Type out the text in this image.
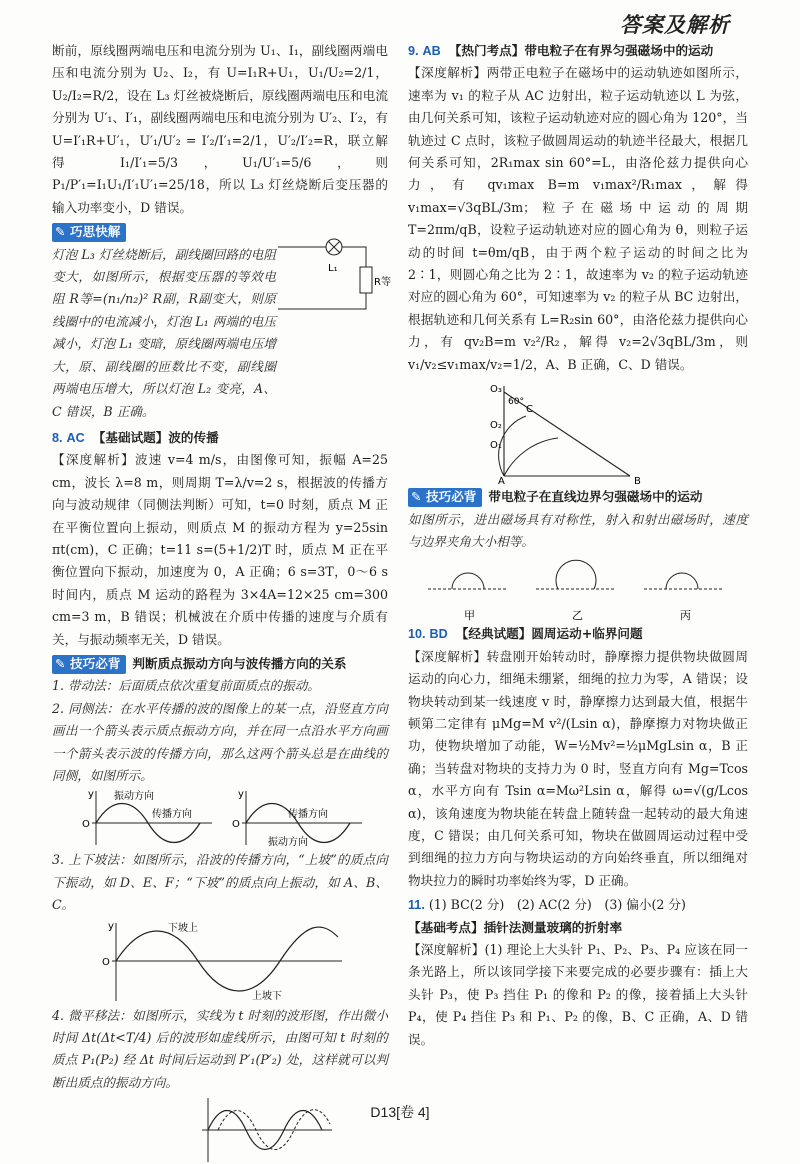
答案及解析

断前，原线圈两端电压和电流分别为 U₁、I₁，副线圈两端电压和电流分别为 U₂、I₂，有 U=I₁R+U₁，U₁/U₂=2/1，U₂/I₂=R/2，设在 L₃ 灯丝被烧断后，原线圈两端电压和电流分别为 U′₁、I′₁，副线圈两端电压和电流分别为 U′₂、I′₂，有 U=I′₁R+U′₁，U′₁/U′₂ = I′₂/I′₁=2/1，U′₂/I′₂=R，联立解得 I₁/I′₁=5/3，U₁/U′₁=5/6，则 P₁/P′₁=I₁U₁/I′₁U′₁=25/18，所以 L₃ 灯丝烧断后变压器的输入功率变小，D 错误。

✎ 巧思快解
L₁
R等

灯泡 L₃ 灯丝烧断后，副线圈回路的电阻变大，如图所示，根据变压器的等效电阻 R等=(n₁/n₂)² R副，R副变大，则原线圈中的电流减小，灯泡 L₁ 两端的电压减小，灯泡 L₁ 变暗，原线圈两端电压增大，原、副线圈的匝数比不变，副线圈两端电压增大，所以灯泡 L₂ 变亮，A、C 错误，B 正确。

8. AC 【基础试题】波的传播

【深度解析】波速 v=4 m/s，由图像可知，振幅 A=25 cm，波长 λ=8 m，则周期 T=λ/v=2 s，根据波的传播方向与波动规律（同侧法判断）可知，t=0 时刻，质点 M 正在平衡位置向上振动，则质点 M 的振动方程为 y=25sin πt(cm)，C 正确；t=11 s=(5+1/2)T 时，质点 M 正在平衡位置向下振动，加速度为 0，A 正确；6 s=3T，0～6 s 时间内，质点 M 运动的路程为 3×4A=12×25 cm=300 cm=3 m，B 错误；机械波在介质中传播的速度与介质有关，与振动频率无关，D 错误。

✎ 技巧必背 判断质点振动方向与波传播方向的关系

1. 带动法：后面质点依次重复前面质点的振动。

2. 同侧法：在水平传播的波的图像上的某一点，沿竖直方向画出一个箭头表示质点振动方向，并在同一点沿水平方向画一个箭头表示波的传播方向，那么这两个箭头总是在曲线的同侧，如图所示。

O
y 振动方向
传播方向
O
y
传播方向
振动方向

3. 上下坡法：如图所示，沿波的传播方向，“上坡”的质点向下振动，如 D、E、F；“下坡”的质点向上振动，如 A、B、C。

O
y	下坡上
上坡下

4. 微平移法：如图所示，实线为 t 时刻的波形图，作出微小时间 Δt(Δt<T/4) 后的波形如虚线所示，由图可知 t 时刻的质点 P₁(P₂) 经 Δt 时间后运动到 P′₁(P′₂) 处，这样就可以判断出质点的振动方向。

9. AB 【热门考点】带电粒子在有界匀强磁场中的运动

【深度解析】两带正电粒子在磁场中的运动轨迹如图所示，速率为 v₁ 的粒子从 AC 边射出，粒子运动轨迹以 L 为弦，由几何关系可知，该粒子运动轨迹对应的圆心角为 120°，当轨迹过 C 点时，该粒子做圆周运动的轨迹半径最大，根据几何关系可知，2R₁max sin 60°=L，由洛伦兹力提供向心力，有 qv₁max B=m v₁max²/R₁max，解得 v₁max=√3qBL/3m；粒子在磁场中运动的周期 T=2πm/qB，设粒子运动轨迹对应的圆心角为 θ，则粒子运动的时间 t=θm/qB，由于两个粒子运动的时间之比为 2∶1，则圆心角之比为 2∶1，故速率为 v₂ 的粒子运动轨迹对应的圆心角为 60°，可知速率为 v₂ 的粒子从 BC 边射出，根据轨迹和几何关系有 L=R₂sin 60°，由洛伦兹力提供向心力，有 qv₂B=m v₂²/R₂，解得 v₂=2√3qBL/3m，则 v₁/v₂≤v₁max/v₂=1/2，A、B 正确，C、D 错误。

O₃
60°
O₂
O₁
C
A	B

✎ 技巧必背 带电粒子在直线边界匀强磁场中的运动

如图所示，进出磁场具有对称性，射入和射出磁场时，速度与边界夹角大小相等。

甲	乙	丙

10. BD 【经典试题】圆周运动+临界问题

【深度解析】转盘刚开始转动时，静摩擦力提供物块做圆周运动的向心力，细绳未绷紧，细绳的拉力为零，A 错误；设物块转动到某一线速度 v 时，静摩擦力达到最大值，根据牛顿第二定律有 μMg=M v²/(Lsin α)，静摩擦力对物块做正功，使物块增加了动能，W=½Mv²=½μMgLsin α，B 正确；当转盘对物块的支持力为 0 时，竖直方向有 Mg=Tcos α，水平方向有 Tsin α=Mω²Lsin α，解得 ω=√(g/Lcos α)，该角速度为物块能在转盘上随转盘一起转动的最大角速度，C 错误；由几何关系可知，物块在做圆周运动过程中受到细绳的拉力方向与物块运动的方向始终垂直，所以细绳对物块拉力的瞬时功率始终为零，D 正确。

11. (1) BC(2 分)　(2) AC(2 分)　(3) 偏小(2 分)

【基础考点】插针法测量玻璃的折射率

【深度解析】(1) 理论上大头针 P₁、P₂、P₃、P₄ 应该在同一条光路上，所以该同学接下来要完成的必要步骤有：插上大头针 P₃，使 P₃ 挡住 P₁ 的像和 P₂ 的像，接着插上大头针 P₄，使 P₄ 挡住 P₃ 和 P₁、P₂ 的像，B、C 正确，A、D 错误。

D13[卷 4]
